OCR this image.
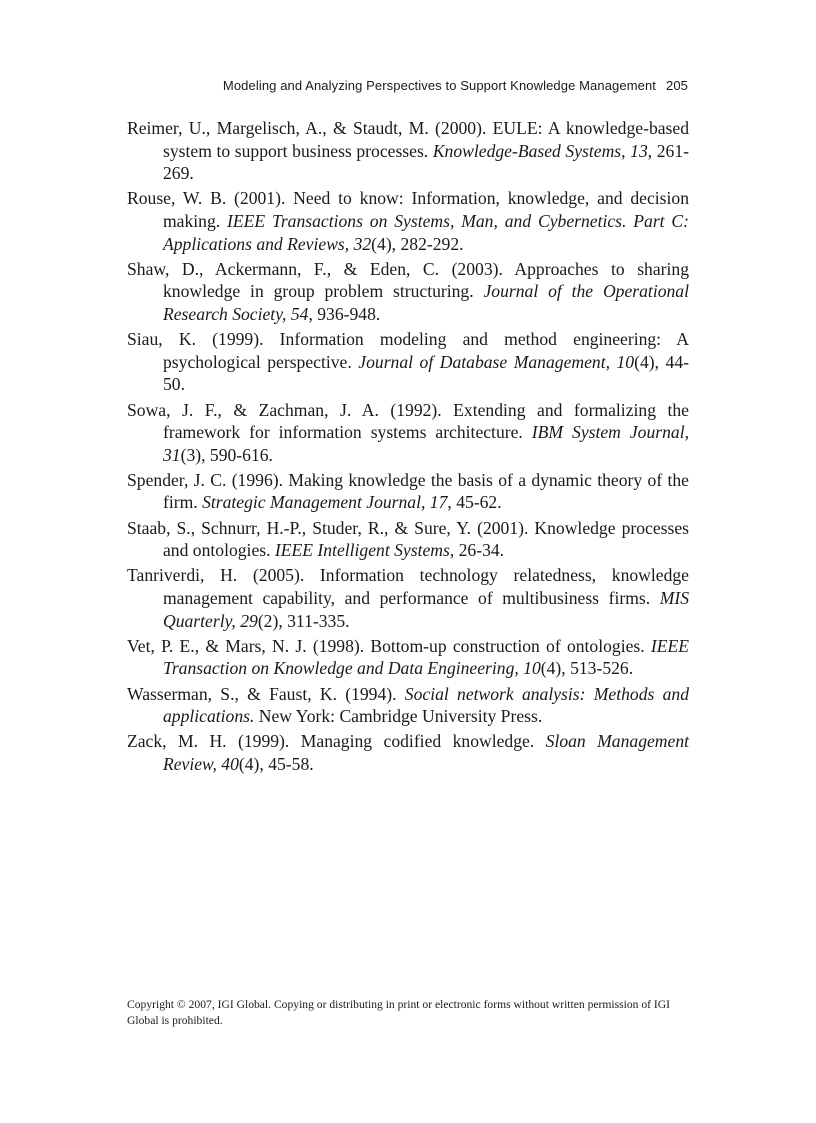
Modeling and Analyzing Perspectives to Support Knowledge Management 205
Reimer, U., Margelisch, A., & Staudt, M. (2000). EULE: A knowledge-based system to support business processes. Knowledge-Based Systems, 13, 261-269.
Rouse, W. B. (2001). Need to know: Information, knowledge, and decision making. IEEE Transactions on Systems, Man, and Cybernetics. Part C: Applications and Reviews, 32(4), 282-292.
Shaw, D., Ackermann, F., & Eden, C. (2003). Approaches to sharing knowledge in group problem structuring. Journal of the Operational Research Society, 54, 936-948.
Siau, K. (1999). Information modeling and method engineering: A psychological perspective. Journal of Database Management, 10(4), 44-50.
Sowa, J. F., & Zachman, J. A. (1992). Extending and formalizing the framework for information systems architecture. IBM System Journal, 31(3), 590-616.
Spender, J. C. (1996). Making knowledge the basis of a dynamic theory of the firm. Strategic Management Journal, 17, 45-62.
Staab, S., Schnurr, H.-P., Studer, R., & Sure, Y. (2001). Knowledge processes and ontologies. IEEE Intelligent Systems, 26-34.
Tanriverdi, H. (2005). Information technology relatedness, knowledge management capability, and performance of multibusiness firms. MIS Quarterly, 29(2), 311-335.
Vet, P. E., & Mars, N. J. (1998). Bottom-up construction of ontologies. IEEE Transaction on Knowledge and Data Engineering, 10(4), 513-526.
Wasserman, S., & Faust, K. (1994). Social network analysis: Methods and applications. New York: Cambridge University Press.
Zack, M. H. (1999). Managing codified knowledge. Sloan Management Review, 40(4), 45-58.
Copyright © 2007, IGI Global. Copying or distributing in print or electronic forms without written permission of IGI Global is prohibited.
